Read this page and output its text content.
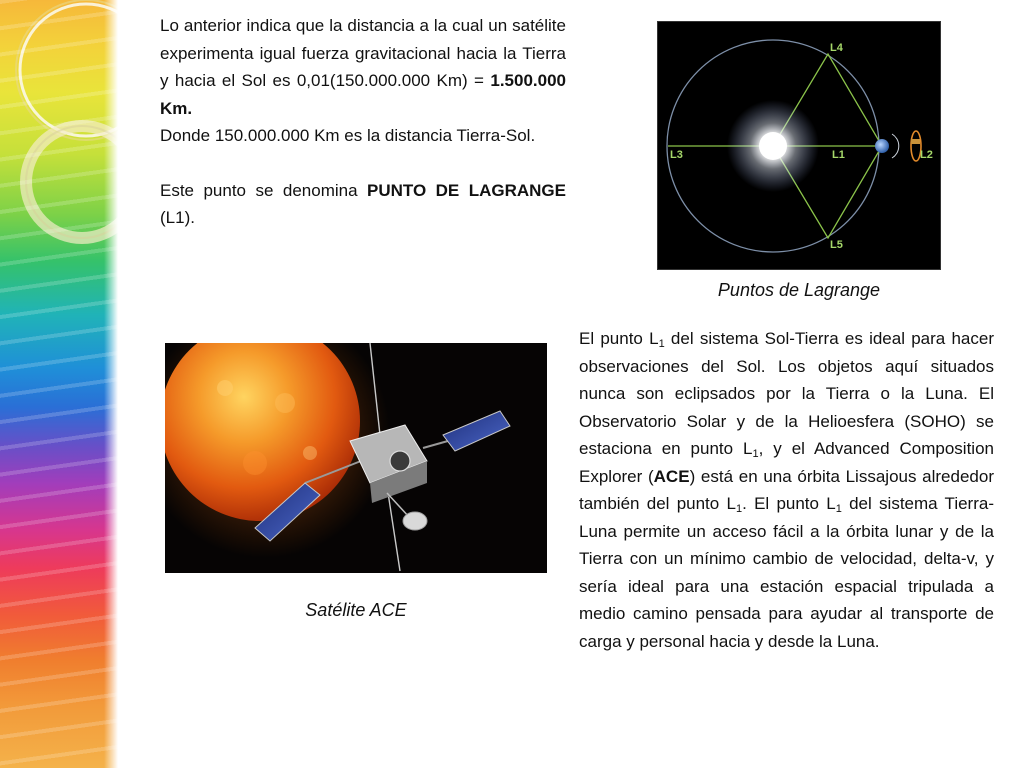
Lo anterior indica que la distancia a la cual un satélite experimenta igual fuerza gravitacional hacia la Tierra y hacia el Sol es 0,01(150.000.000 Km) = 1.500.000 Km.

Donde 150.000.000 Km es la distancia Tierra-Sol.

Este punto se denomina PUNTO DE LAGRANGE (L1).

L4
L5
L3	L1	L2
Puntos de Lagrange
Satélite ACE
El punto $L_1$ del sistema Sol-Tierra es ideal para hacer observaciones del Sol. Los objetos aquí situados nunca son eclipsados por la Tierra o la Luna. El Observatorio Solar y de la Helioesfera (SOHO) se estaciona en punto $L_1$, y el Advanced Composition Explorer (ACE) está en una órbita Lissajous alrededor también del punto $L_1$. El punto $L_1$ del sistema Tierra-Luna permite un acceso fácil a la órbita lunar y de la Tierra con un mínimo cambio de velocidad, delta-v, y sería ideal para una estación espacial tripulada a medio camino pensada para ayudar al transporte de carga y personal hacia y desde la Luna.
